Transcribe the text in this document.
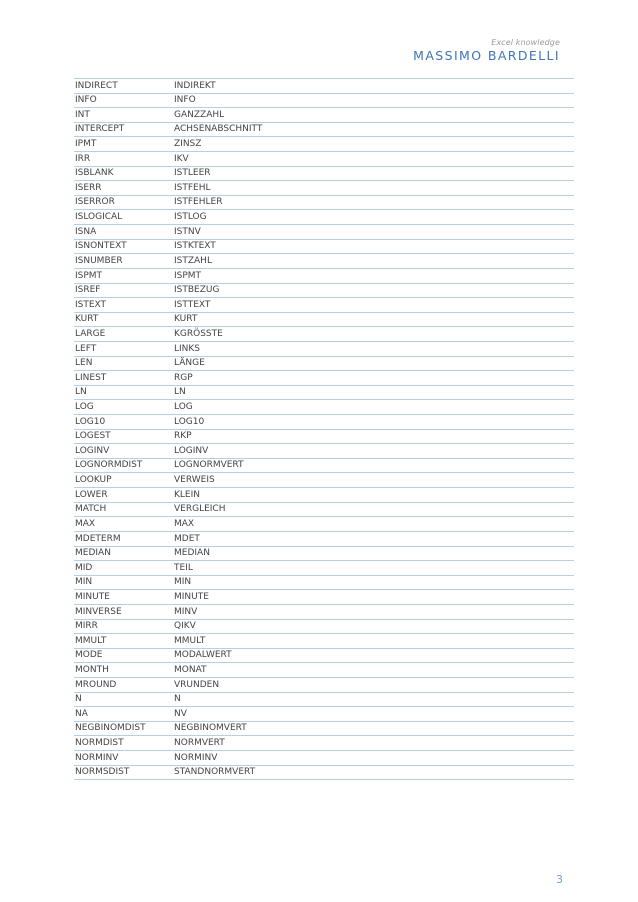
Excel knowledge
MASSIMO BARDELLI
INDIRECT	INDIREKT
INFO	INFO
INT	GANZZAHL
INTERCEPT	ACHSENABSCHNITT
IPMT	ZINSZ
IRR	IKV
ISBLANK	ISTLEER
ISERR	ISTFEHL
ISERROR	ISTFEHLER
ISLOGICAL	ISTLOG
ISNA	ISTNV
ISNONTEXT	ISTKTEXT
ISNUMBER	ISTZAHL
ISPMT	ISPMT
ISREF	ISTBEZUG
ISTEXT	ISTTEXT
KURT	KURT
LARGE	KGRÖSSTE
LEFT	LINKS
LEN	LÄNGE
LINEST	RGP
LN	LN
LOG	LOG
LOG10	LOG10
LOGEST	RKP
LOGINV	LOGINV
LOGNORMDIST	LOGNORMVERT
LOOKUP	VERWEIS
LOWER	KLEIN
MATCH	VERGLEICH
MAX	MAX
MDETERM	MDET
MEDIAN	MEDIAN
MID	TEIL
MIN	MIN
MINUTE	MINUTE
MINVERSE	MINV
MIRR	QIKV
MMULT	MMULT
MODE	MODALWERT
MONTH	MONAT
MROUND	VRUNDEN
N	N
NA	NV
NEGBINOMDIST	NEGBINOMVERT
NORMDIST	NORMVERT
NORMINV	NORMINV
NORMSDIST	STANDNORMVERT
3
